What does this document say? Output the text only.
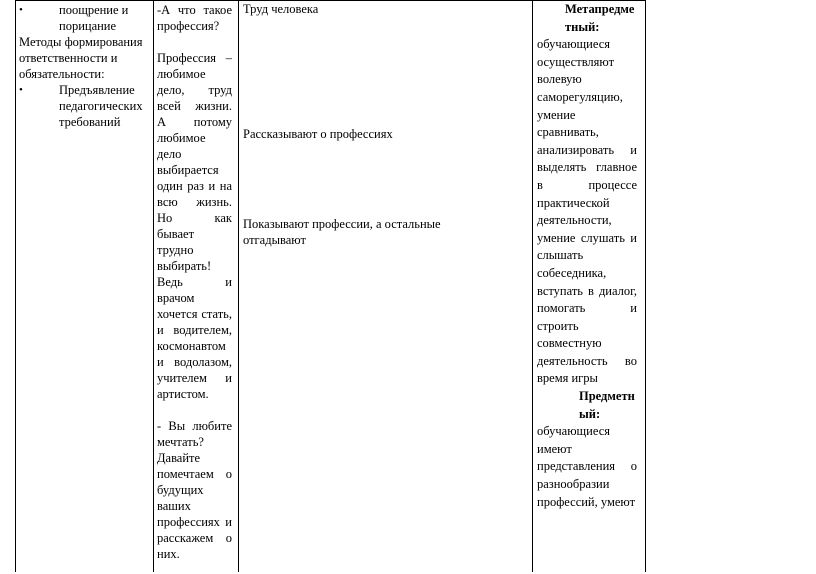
•	поощрение и порицание
Методы формирования ответственности и обязательности:
•	Предъявление педагогических требований

-А что такое профессия?

Профессия – любимое дело, труд всей жизни. А потому любимое дело выбирается один раз и на всю жизнь. Но как бывает трудно выбирать! Ведь и врачом хочется стать, и водителем, космонавтом и водолазом, учителем и артистом.

- Вы любите мечтать? Давайте помечтаем о будущих ваших профессиях и расскажем о них.

Труд человека
Рассказывают о профессиях
Показывают профессии, а остальные отгадывают
Метапредметный:

обучающиеся осуществляют волевую саморегуляцию, умение сравнивать, анализировать и выделять главное в процессе практической деятельности, умение слушать и слышать собеседника, вступать в диалог, помогать и строить совместную деятельность во время игры

Предметный:

обучающиеся имеют представления о разнообразии профессий, умеют
